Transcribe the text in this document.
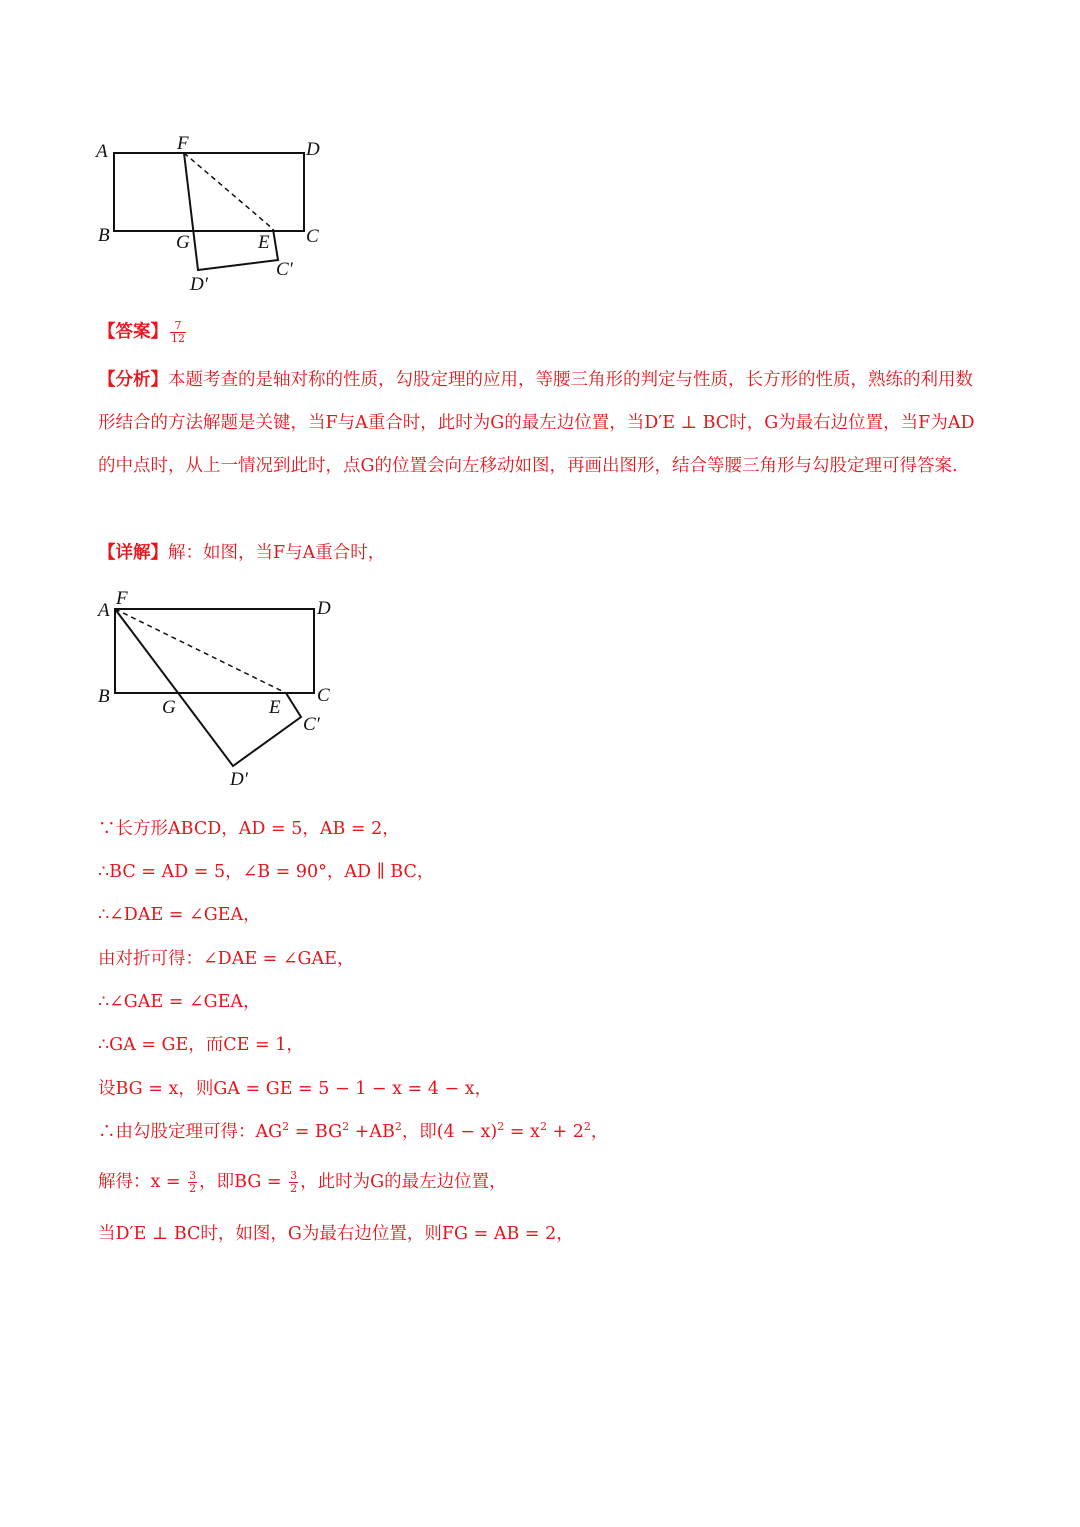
A	F	D
B	G	E C
C′
D′
【答案】 $\frac{7}{12}$
【分析】本题考查的是轴对称的性质，勾股定理的应用，等腰三角形的判定与性质，长方形的性质，熟练的利用数形结合的方法解题是关键，当F与A重合时，此时为G的最左边位置，当D′E ⊥ BC时，G为最右边位置，当F为AD的中点时，从上一情况到此时，点G的位置会向左移动如图，再画出图形，结合等腰三角形与勾股定理可得答案.
【详解】解：如图，当F与A重合时，
A
F	D
B
G	E
C
C′
D′
∵长方形ABCD，AD = 5，AB = 2，
∴BC = AD = 5，∠B = 90°，AD ∥ BC，
∴∠DAE = ∠GEA，
由对折可得：∠DAE = ∠GAE，
∴∠GAE = ∠GEA，
∴GA = GE，而CE = 1，
设BG = x，则GA = GE = 5 − 1 − x = 4 − x，
∴由勾股定理可得：$AG^2 = BG^2 +AB^2$，即$(4 - x)^2 = x^2 + 2^2$，
解得：$x = \frac{3}{2}$ ，即BG = $\frac{3}{2}$ ，此时为G的最左边位置，
当D′E ⊥ BC时，如图，G为最右边位置，则FG = AB = 2，
